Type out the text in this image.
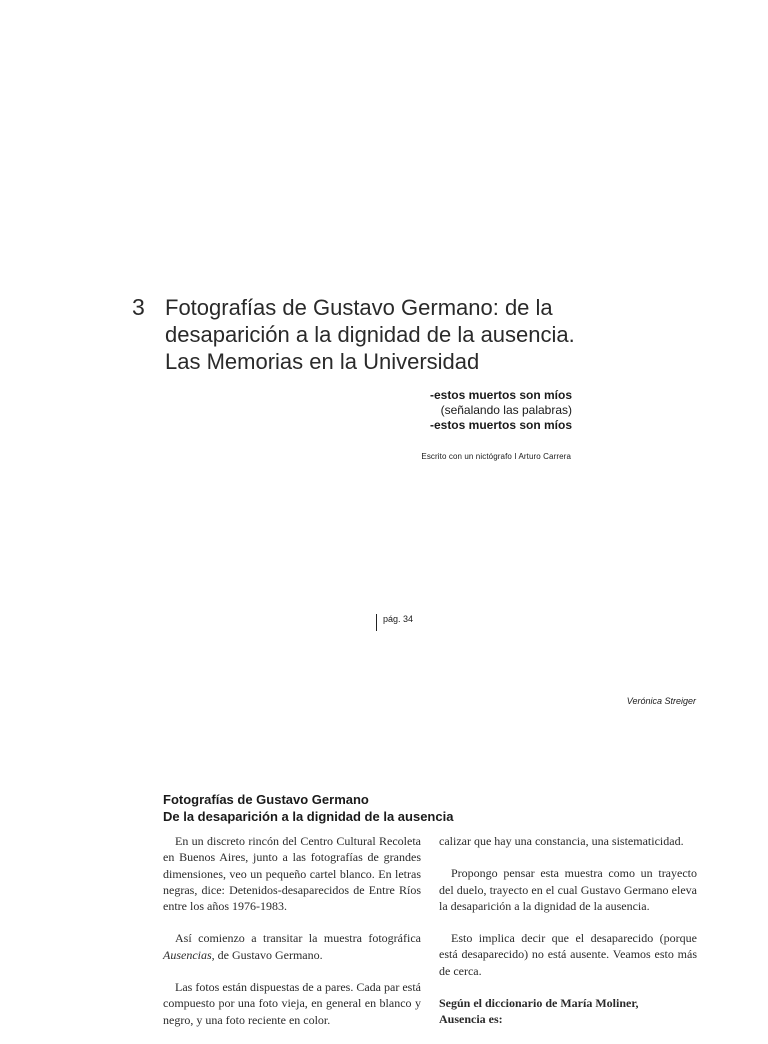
3 Fotografías de Gustavo Germano: de la
desaparición a la dignidad de la ausencia.
Las Memorias en la Universidad
-estos muertos son míos
(señalando las palabras)
-estos muertos son míos
Escrito con un nictógrafo I Arturo Carrera
pág. 34
Verónica Streiger
Fotografías de Gustavo Germano
De la desaparición a la dignidad de la ausencia

En un discreto rincón del Centro Cultural Recoleta en Buenos Aires, junto a las fotografías de grandes dimensiones, veo un pequeño cartel blanco. En letras negras, dice: Detenidos-desaparecidos de Entre Ríos entre los años 1976-1983.

Así comienzo a transitar la muestra fotográfica Ausencias, de Gustavo Germano.

Las fotos están dispuestas de a pares. Cada par está compuesto por una foto vieja, en general en blanco y negro, y una foto reciente en color.

calizar que hay una constancia, una sistematicidad.

Propongo pensar esta muestra como un trayecto del duelo, trayecto en el cual Gustavo Germano eleva la desaparición a la dignidad de la ausencia.

Esto implica decir que el desaparecido (porque está desaparecido) no está ausente. Veamos esto más de cerca.

Según el diccionario de María Moliner,

Ausencia es:
